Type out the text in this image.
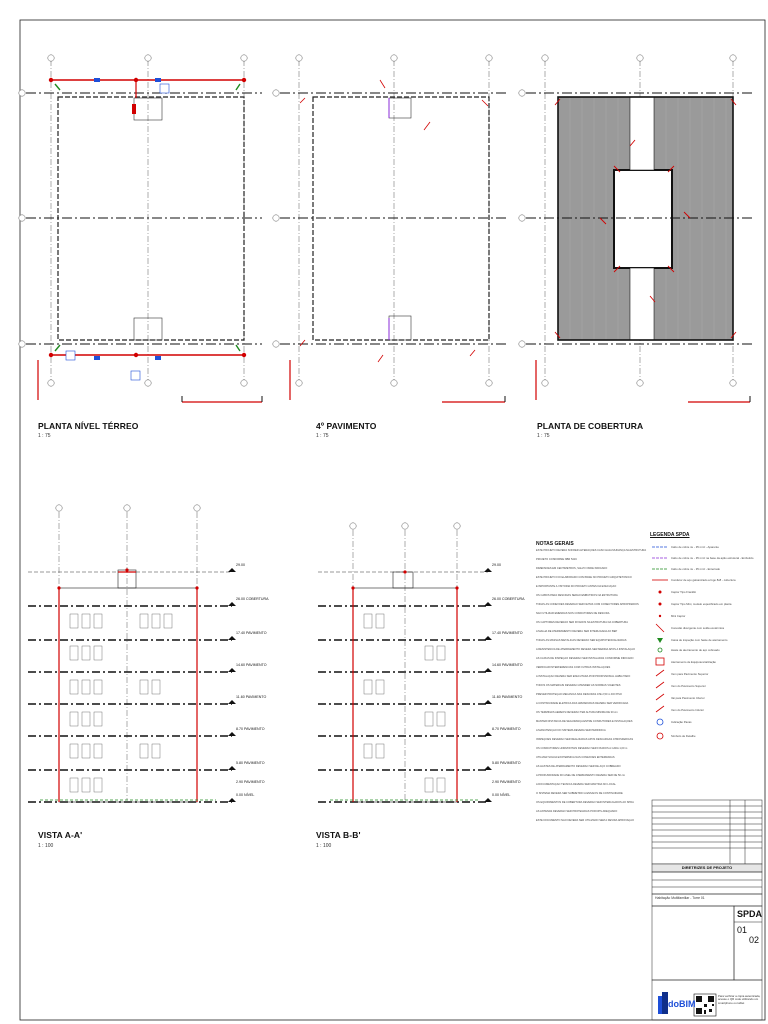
PLANTA NÍVEL TÉRREO
1 : 75
4º PAVIMENTO
1 : 75
PLANTA DE COBERTURA
1 : 75
VISTA A-A'
1 : 100
VISTA B-B'
1 : 100
29.00
26.00 COBERTURA
17.40 PAVIMENTO
14.60 PAVIMENTO
11.60 PAVIMENTO
8.70 PAVIMENTO
5.80 PAVIMENTO
2.90 PAVIMENTO
0.00 NÍVEL
29.00
26.00 COBERTURA
17.40 PAVIMENTO
14.60 PAVIMENTO
11.60 PAVIMENTO
8.70 PAVIMENTO
5.80 PAVIMENTO
2.90 PAVIMENTO
0.00 NÍVEL
NOTAS GERAIS
ESTE PROJETO DEVERÁ SOFRER ALTERAÇÕES CASO HAJA MUDANÇA NA ESTRUTURA
PROJETO CONFORME NBR 5419
DIMENSÕES EM CENTÍMETROS, SALVO ONDE INDICADO
ESTE PROJETO FOI ELABORADO COM BASE NO PROJETO ARQUITETÔNICO
É IMPORTANTE A VISTORIA DO PROJETO ANTES DA EXECUÇÃO
OS CABOS PARA DESCIDAS SERÃO EMBUTIDOS NA ESTRUTURA
TODAS AS CONEXÕES DEVERÃO SER FEITAS COM CONECTORES APROPRIADOS
NÃO UTILIZAR EMENDAS NOS CONDUTORES DE DESCIDA
OS CAPTORES DEVERÃO SER FIXADOS NA ESTRUTURA DA COBERTURA
A MALHA DE ATERRAMENTO DEVERÁ SER INTERLIGADA AO BEP
TODAS AS MASSAS METÁLICAS DEVERÃO SER EQUIPOTENCIALIZADAS
A RESISTÊNCIA DE ATERRAMENTO DEVERÁ SER MEDIDA APÓS A INSTALAÇÃO
AS CAIXAS DE INSPEÇÃO DEVERÃO SER INSTALADAS CONFORME INDICADO
VERIFICAR INTERFERÊNCIAS COM OUTRAS INSTALAÇÕES
A INSTALAÇÃO DEVERÁ SER EXECUTADA POR PROFISSIONAL HABILITADO
TODOS OS MATERIAIS DEVERÃO ATENDER ÀS NORMAS VIGENTES
PREVER PROTEÇÃO MECÂNICA NAS DESCIDAS ATÉ 2,50 m DO PISO
A CONTINUIDADE ELÉTRICA DAS ARMADURAS DEVERÁ SER VERIFICADA
OS TERMINAIS AÉREOS DEVERÃO TER ALTURA MÍNIMA DE 30 cm
MANTER DISTÂNCIA DE SEGURANÇA ENTRE CONDUTORES E INSTALAÇÕES
A MANUTENÇÃO DO SISTEMA DEVERÁ SER PERIÓDICA
INSPEÇÕES DEVERÃO SER REALIZADAS APÓS DESCARGAS ATMOSFÉRICAS
OS CONDUTORES HORIZONTAIS DEVERÃO SER FIXADOS A CADA 1,00 m
UTILIZAR SOLDA EXOTÉRMICA NAS CONEXÕES ENTERRADAS
AS HASTES DE ATERRAMENTO DEVERÃO SER DE AÇO COBREADO
A PROFUNDIDADE DO ANEL DE ATERRAMENTO DEVERÁ SER DE 50 cm
A DOCUMENTAÇÃO TÉCNICA DEVERÁ SER MANTIDA NO LOCAL
O SISTEMA DEVERÁ SER SUBMETIDO A ENSAIOS DE CONTINUIDADE
OS EQUIPAMENTOS DE COBERTURA DEVERÃO SER INTERLIGADOS AO SPDA
AS ANTENAS DEVERÃO SER PROTEGIDAS POR DPS ADEQUADO
ESTE DOCUMENTO NÃO DEVERÁ SER UTILIZADO SEM A DEVIDA APROVAÇÃO
LEGENDA SPDA
Cabo de cobre nu - 35 mm² - Aparente
Cabo de cobre nu - 35 mm² na base da ação estrutural - Embutido
Cabo de cobre nu - 35 mm² - Enterrado
Condutor de aço galvanizado a fogo 8x8 - cobertura
Captor Tipo Franklin
Captor Tipo Mini, modelo especificado em planta
Mini Captor
Conexão divergente com solda exotérmica
Caixa de inspeção com haste de aterramento
Haste de aterramento de aço cobreado
Aterramento de Equipotencialização
Vem para Pavimento Superior
Vem do Pavimento Superior
Vai para Pavimento Inferior
Vem do Pavimento Inferior
Indicação Pavas
Símbolo de Detalhe
DIRETRIZES DE PROJETO
Habitação Multifamiliar - Torre 01
SPDA
01
02
doBIM
Para verificar a cópia autenticada, acesse o QR code utilizando um smartphone ou tablet
